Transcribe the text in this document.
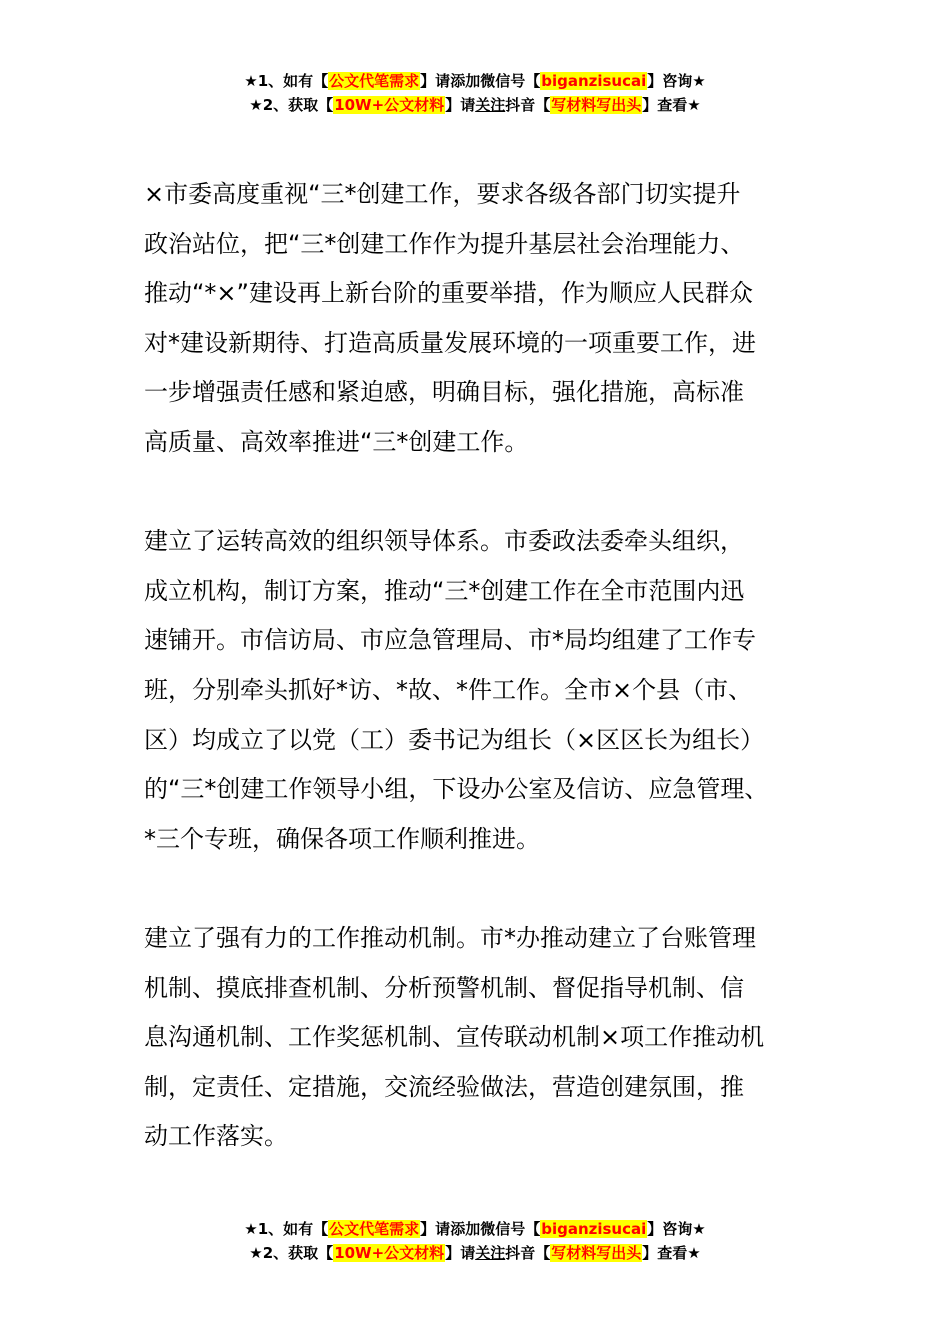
★1、如有【公文代笔需求】请添加微信号【biganzisucai】咨询★
★2、获取【10W+公文材料】请关注抖音【写材料写出头】查看★
×市委高度重视“三*创建工作，要求各级各部门切实提升
政治站位，把“三*创建工作作为提升基层社会治理能力、
推动“*×”建设再上新台阶的重要举措，作为顺应人民群众
对*建设新期待、打造高质量发展环境的一项重要工作，进
一步增强责任感和紧迫感，明确目标，强化措施，高标准
高质量、高效率推进“三*创建工作。
建立了运转高效的组织领导体系。市委政法委牵头组织，
成立机构，制订方案，推动“三*创建工作在全市范围内迅
速铺开。市信访局、市应急管理局、市*局均组建了工作专
班，分别牵头抓好*访、*故、*件工作。全市×个县（市、
区）均成立了以党（工）委书记为组长（×区区长为组长）
的“三*创建工作领导小组，下设办公室及信访、应急管理、
*三个专班，确保各项工作顺利推进。
建立了强有力的工作推动机制。市*办推动建立了台账管理
机制、摸底排查机制、分析预警机制、督促指导机制、信
息沟通机制、工作奖惩机制、宣传联动机制×项工作推动机
制，定责任、定措施，交流经验做法，营造创建氛围，推
动工作落实。
★1、如有【公文代笔需求】请添加微信号【biganzisucai】咨询★
★2、获取【10W+公文材料】请关注抖音【写材料写出头】查看★
